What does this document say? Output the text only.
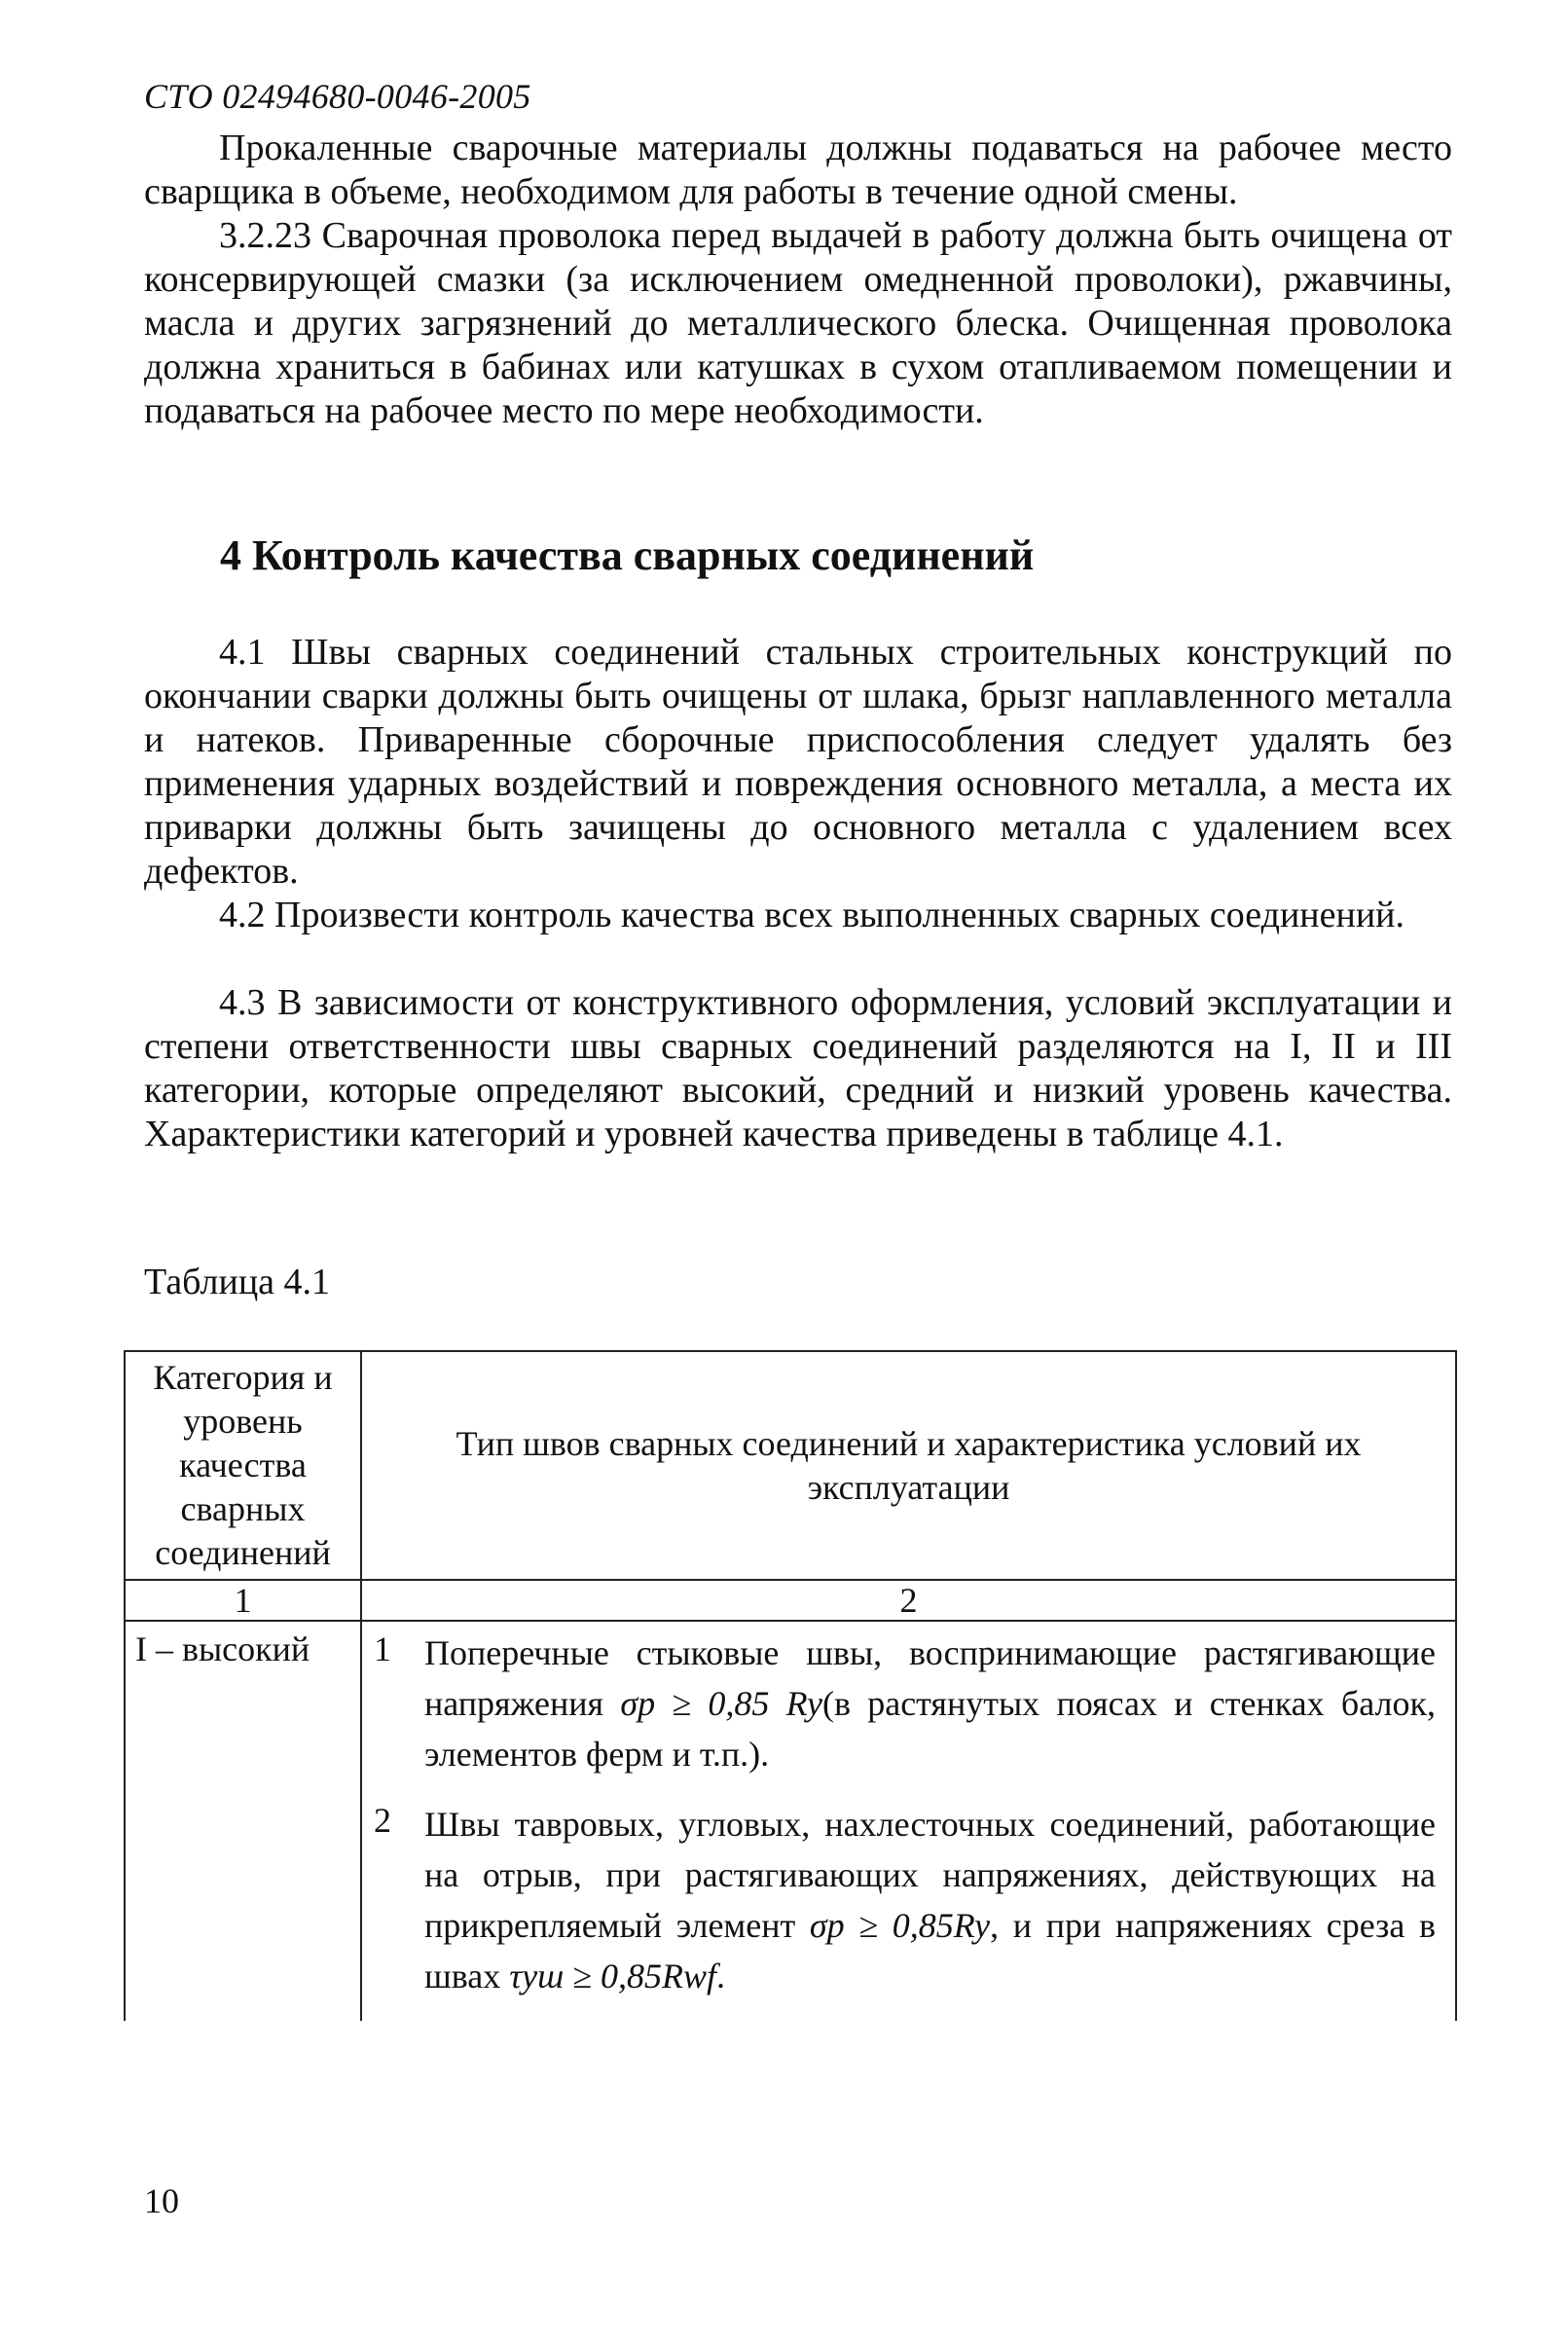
СТО 02494680-0046-2005
Прокаленные сварочные материалы должны подаваться на рабочее место сварщика в объеме, необходимом для работы в течение одной смены.
3.2.23 Сварочная проволока перед выдачей в работу должна быть очищена от консервирующей смазки (за исключением омедненной проволоки), ржавчины, масла и других загрязнений до металлического блеска. Очищенная проволока должна храниться в бабинах или катушках в сухом отапливаемом помещении и подаваться на рабочее место по мере необходимости.
4 Контроль качества сварных соединений
4.1 Швы сварных соединений стальных строительных конструкций по окончании сварки должны быть очищены от шлака, брызг наплавленного металла и натеков. Приваренные сборочные приспособления следует удалять без применения ударных воздействий и повреждения основного металла, а места их приварки должны быть зачищены до основного металла с удалением всех дефектов.
4.2 Произвести контроль качества всех выполненных сварных соединений.
4.3 В зависимости от конструктивного оформления, условий эксплуатации и степени ответственности швы сварных соединений разделяются на I, II и III категории, которые определяют высокий, средний и низкий уровень качества. Характеристики категорий и уровней качества приведены в таблице 4.1.
Таблица 4.1
Категория и уровень качества сварных соединений	Тип швов сварных соединений и характеристика условий их эксплуатации
1	2
I – высокий	1 Поперечные стыковые швы, воспринимающие растягивающие напряжения σp ≥ 0,85 Ry(в растянутых поясах и стенках балок, элементов ферм и т.п.).
2 Швы тавровых, угловых, нахлесточных соединений, работающие на отрыв, при растягивающих напряжениях, действующих на прикрепляемый элемент σp ≥ 0,85Ry, и при напряжениях среза в швах τуш ≥ 0,85Rwf.
10
